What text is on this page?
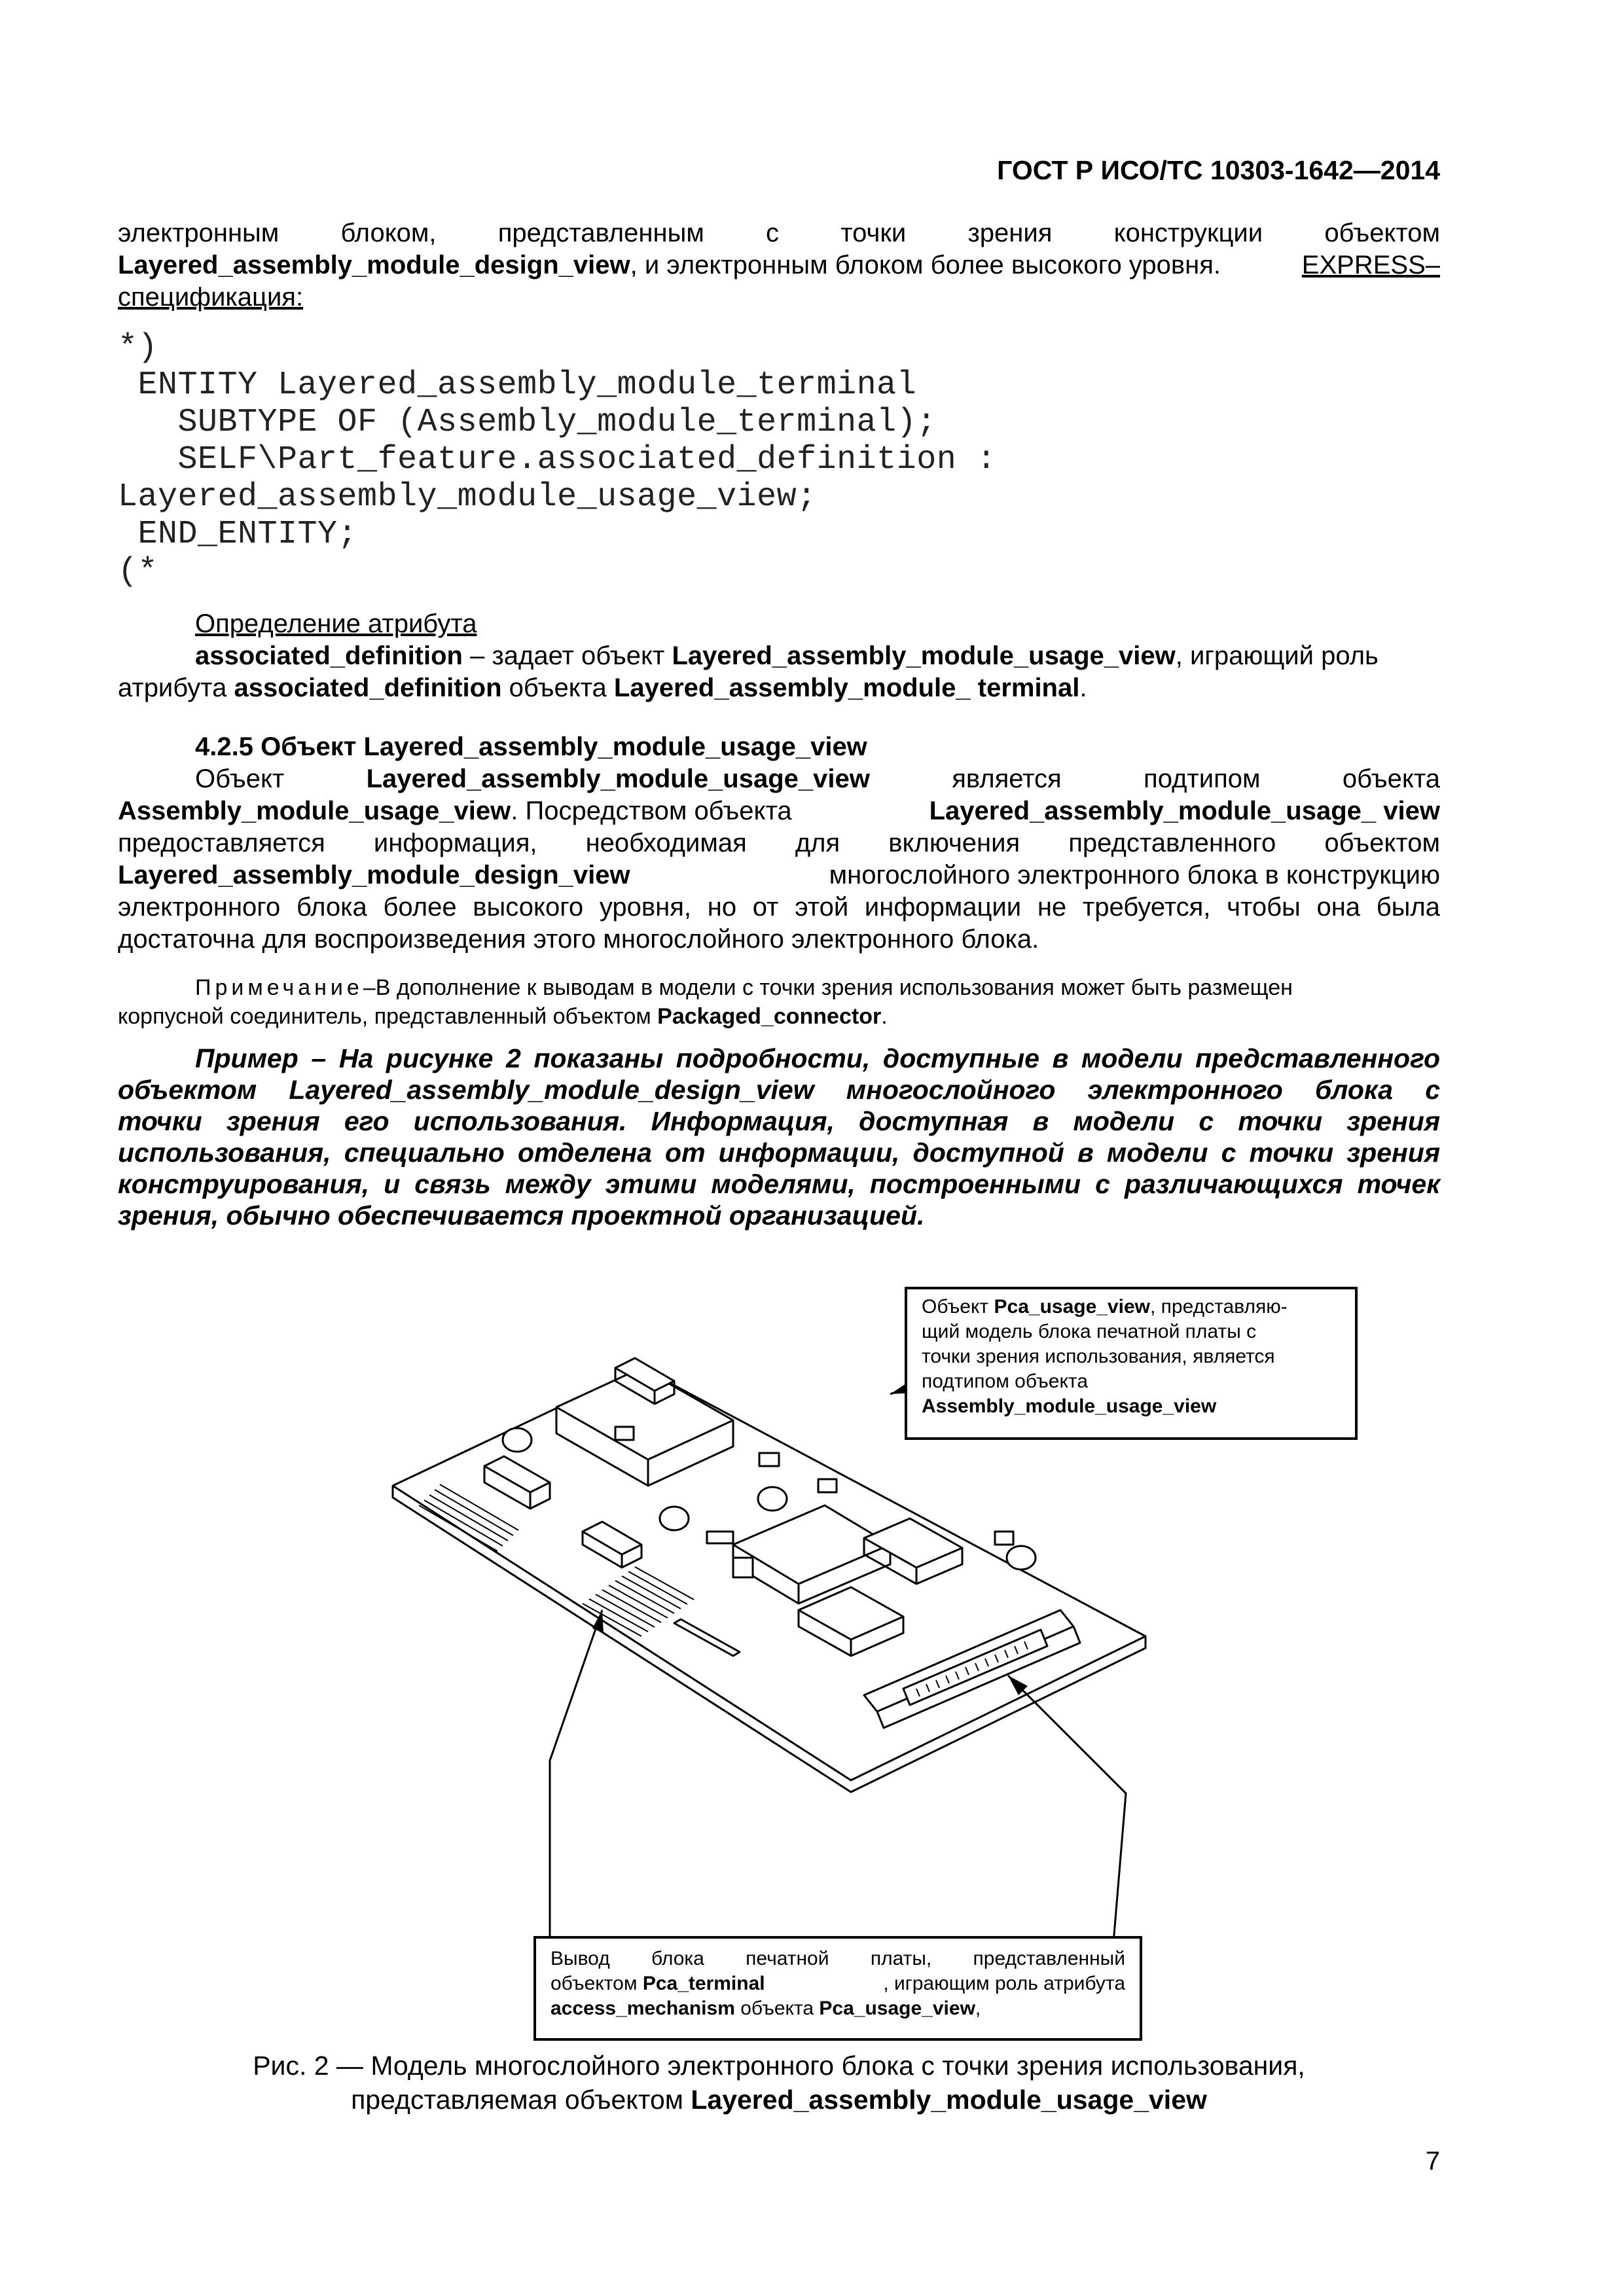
ГОСТ Р ИСО/ТС 10303-1642—2014
электронным блоком, представленным с точки зрения конструкции объектом
Layered_assembly_module_design_view, и электронным блоком более высокого уровня.	EXPRESS–
спецификация:
*)
ENTITY Layered_assembly_module_terminal
SUBTYPE OF (Assembly_module_terminal);
SELF\Part_feature.associated_definition :
Layered_assembly_module_usage_view;
END_ENTITY;
(*
Определение атрибута
associated_definition – задает объект Layered_assembly_module_usage_view, играющий роль
атрибута associated_definition объекта Layered_assembly_module_ terminal.
4.2.5 Объект Layered_assembly_module_usage_view
Объект	Layered_assembly_module_usage_view	является	подтипом	объекта
Assembly_module_usage_view. Посредством объекта	Layered_assembly_module_usage_ view
предоставляется информация, необходимая для включения представленного объектом
Layered_assembly_module_design_view	многослойного электронного блока в конструкцию
электронного блока более высокого уровня, но от этой информации не требуется, чтобы она была
достаточна для воспроизведения этого многослойного электронного блока.
Примечание–В дополнение к выводам в модели с точки зрения использования может быть размещен
корпусной соединитель, представленный объектом Packaged_connector.
Пример – На рисунке 2 показаны подробности, доступные в модели представленного
объектом Layered_assembly_module_design_view многослойного электронного блока с
точки зрения его использования. Информация, доступная в модели с точки зрения
использования, специально отделена от информации, доступной в модели с точки зрения
конструирования, и связь между этими моделями, построенными с различающихся точек
зрения, обычно обеспечивается проектной организацией.
Объект Pca_usage_view, представляю-
щий модель блока печатной платы с
точки зрения использования, является
подтипом объекта
Assembly_module_usage_view
Вывод блока печатной платы, представленный
объектом Pca_terminal	, играющим роль атрибута
access_mechanism объекта Pca_usage_view,
Рис. 2 — Модель многослойного электронного блока с точки зрения использования,
представляемая объектом Layered_assembly_module_usage_view
7
